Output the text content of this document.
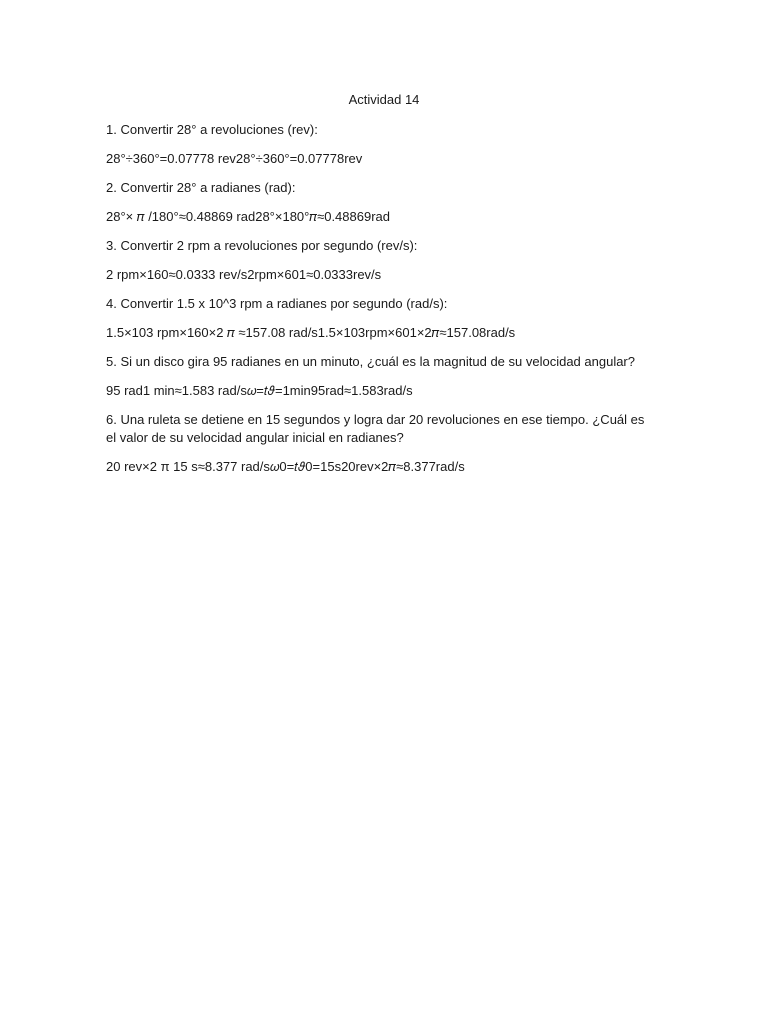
Actividad 14

1. Convertir 28° a revoluciones (rev):

28°÷360°=0.07778 rev28°÷360°=0.07778rev

2. Convertir 28° a radianes (rad):

28°× 𝜋 /180°≈0.48869 rad28°×180°𝜋≈0.48869rad

3. Convertir 2 rpm a revoluciones por segundo (rev/s):

2 rpm×160≈0.0333 rev/s2rpm×601≈0.0333rev/s

4. Convertir 1.5 x 10^3 rpm a radianes por segundo (rad/s):

1.5×103 rpm×160×2 𝜋 ≈157.08 rad/s1.5×103rpm×601×2𝜋≈157.08rad/s

5. Si un disco gira 95 radianes en un minuto, ¿cuál es la magnitud de su velocidad angular?

95 rad1 min≈1.583 rad/s𝜔=𝑡𝜗=1min95rad≈1.583rad/s

6. Una ruleta se detiene en 15 segundos y logra dar 20 revoluciones en ese tiempo. ¿Cuál es el valor de su velocidad angular inicial en radianes?

20 rev×2 π 15 s≈8.377 rad/s𝜔0=𝑡𝜗0=15s20rev×2𝜋≈8.377rad/s
